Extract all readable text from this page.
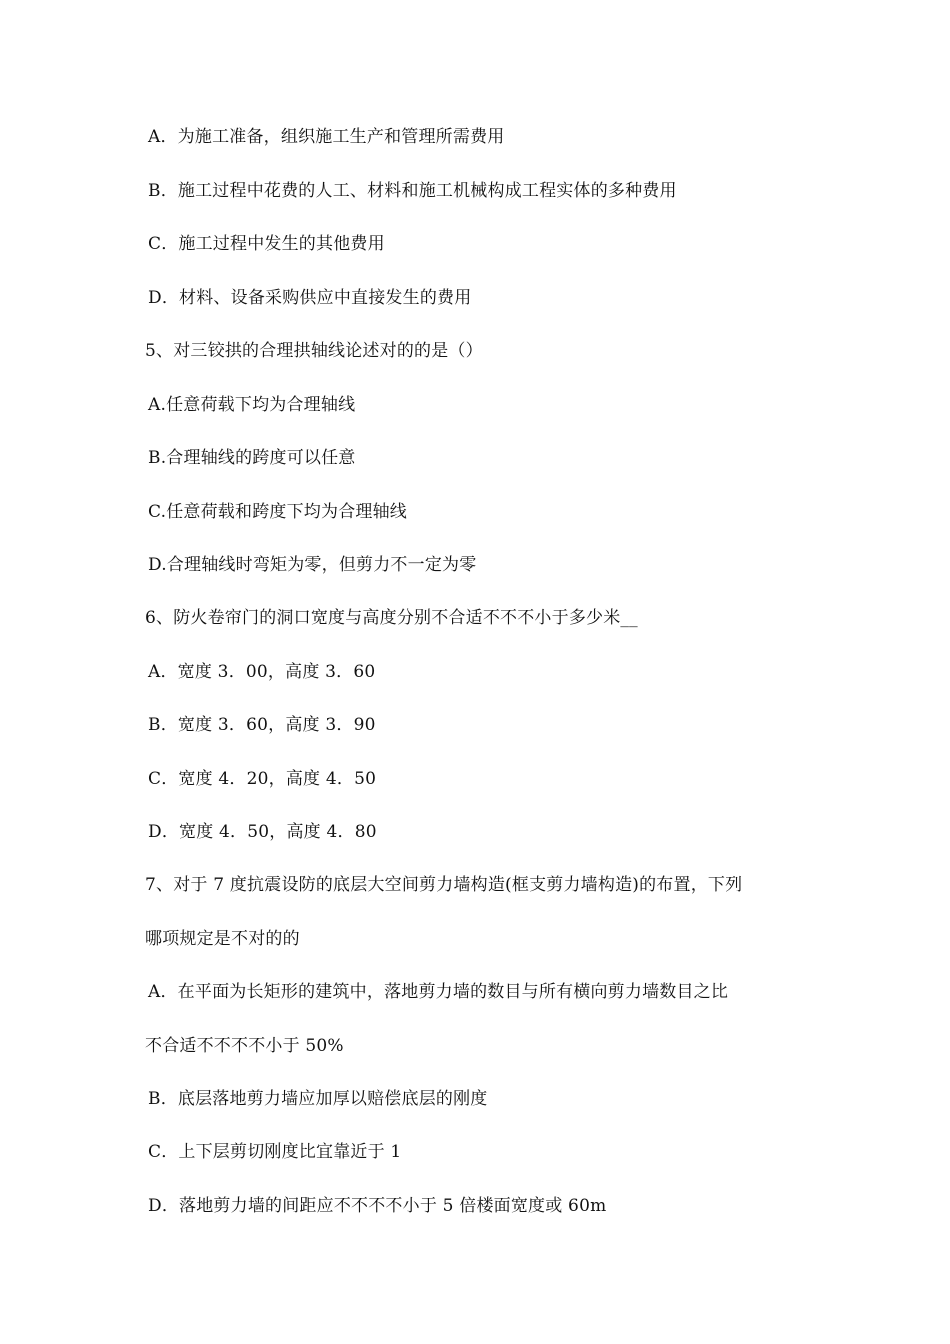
A．为施工准备，组织施工生产和管理所需费用
B．施工过程中花费的人工、材料和施工机械构成工程实体的多种费用
C．施工过程中发生的其他费用
D．材料、设备采购供应中直接发生的费用
5、对三铰拱的合理拱轴线论述对的的是（）
A.任意荷载下均为合理轴线
B.合理轴线的跨度可以任意
C.任意荷载和跨度下均为合理轴线
D.合理轴线时弯矩为零，但剪力不一定为零
6、防火卷帘门的洞口宽度与高度分别不合适不不不小于多少米__
A．宽度 3．00，高度 3．60
B．宽度 3．60，高度 3．90
C．宽度 4．20，高度 4．50
D．宽度 4．50，高度 4．80
7、对于 7 度抗震设防的底层大空间剪力墙构造(框支剪力墙构造)的布置，下列
哪项规定是不对的的
A．在平面为长矩形的建筑中，落地剪力墙的数目与所有横向剪力墙数目之比
不合适不不不不小于 50%
B．底层落地剪力墙应加厚以赔偿底层的刚度
C．上下层剪切刚度比宜靠近于 1
D．落地剪力墙的间距应不不不不小于 5 倍楼面宽度或 60m
